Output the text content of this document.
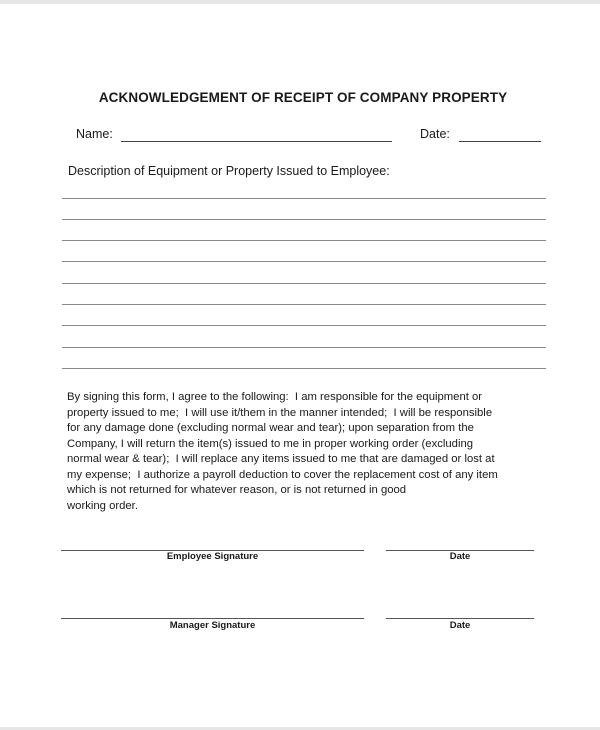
ACKNOWLEDGEMENT OF RECEIPT OF COMPANY PROPERTY
Name:	Date:
Description of Equipment or Property Issued to Employee:
By signing this form, I agree to the following:  I am responsible for the equipment or
property issued to me;  I will use it/them in the manner intended;  I will be responsible
for any damage done (excluding normal wear and tear); upon separation from the
Company, I will return the item(s) issued to me in proper working order (excluding
normal wear & tear);  I will replace any items issued to me that are damaged or lost at
my expense;  I authorize a payroll deduction to cover the replacement cost of any item
which is not returned for whatever reason, or is not returned in good
working order.
Employee Signature	Date
Manager Signature	Date
